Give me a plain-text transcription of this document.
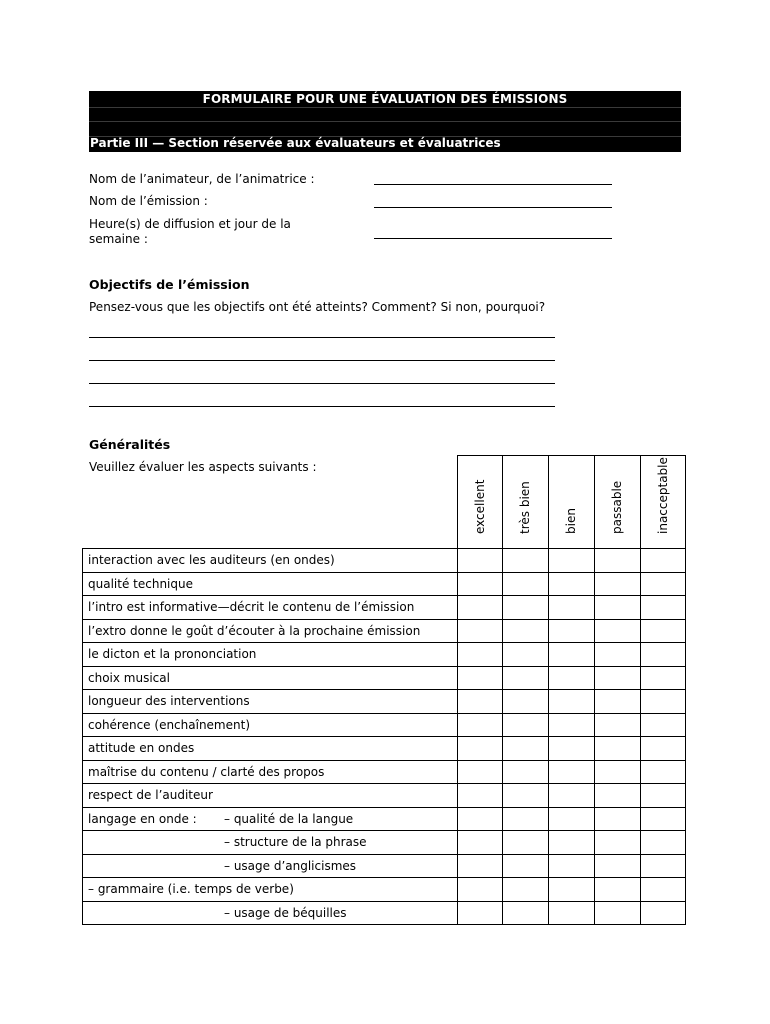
FORMULAIRE POUR UNE ÉVALUATION DES ÉMISSIONS
Partie III — Section réservée aux évaluateurs et évaluatrices
Nom de l’animateur, de l’animatrice :
Nom de l’émission :
Heure(s) de diffusion et jour de la
semaine :
Objectifs de l’émission
Pensez-vous que les objectifs ont été atteints? Comment? Si non, pourquoi?
Généralités
Veuillez évaluer les aspects suivants :
excellent	très bien	bien	passable	inacceptable
interaction avec les auditeurs (en ondes)
qualité technique
l’intro est informative—décrit le contenu de l’émission
l’extro donne le goût d’écouter à la prochaine émission
le dicton et la prononciation
choix musical
longueur des interventions
cohérence (enchaînement)
attitude en ondes
maîtrise du contenu / clarté des propos
respect de l’auditeur
langage en onde : – qualité de la langue
– structure de la phrase
– usage d’anglicismes
– grammaire (i.e. temps de verbe)
– usage de béquilles
